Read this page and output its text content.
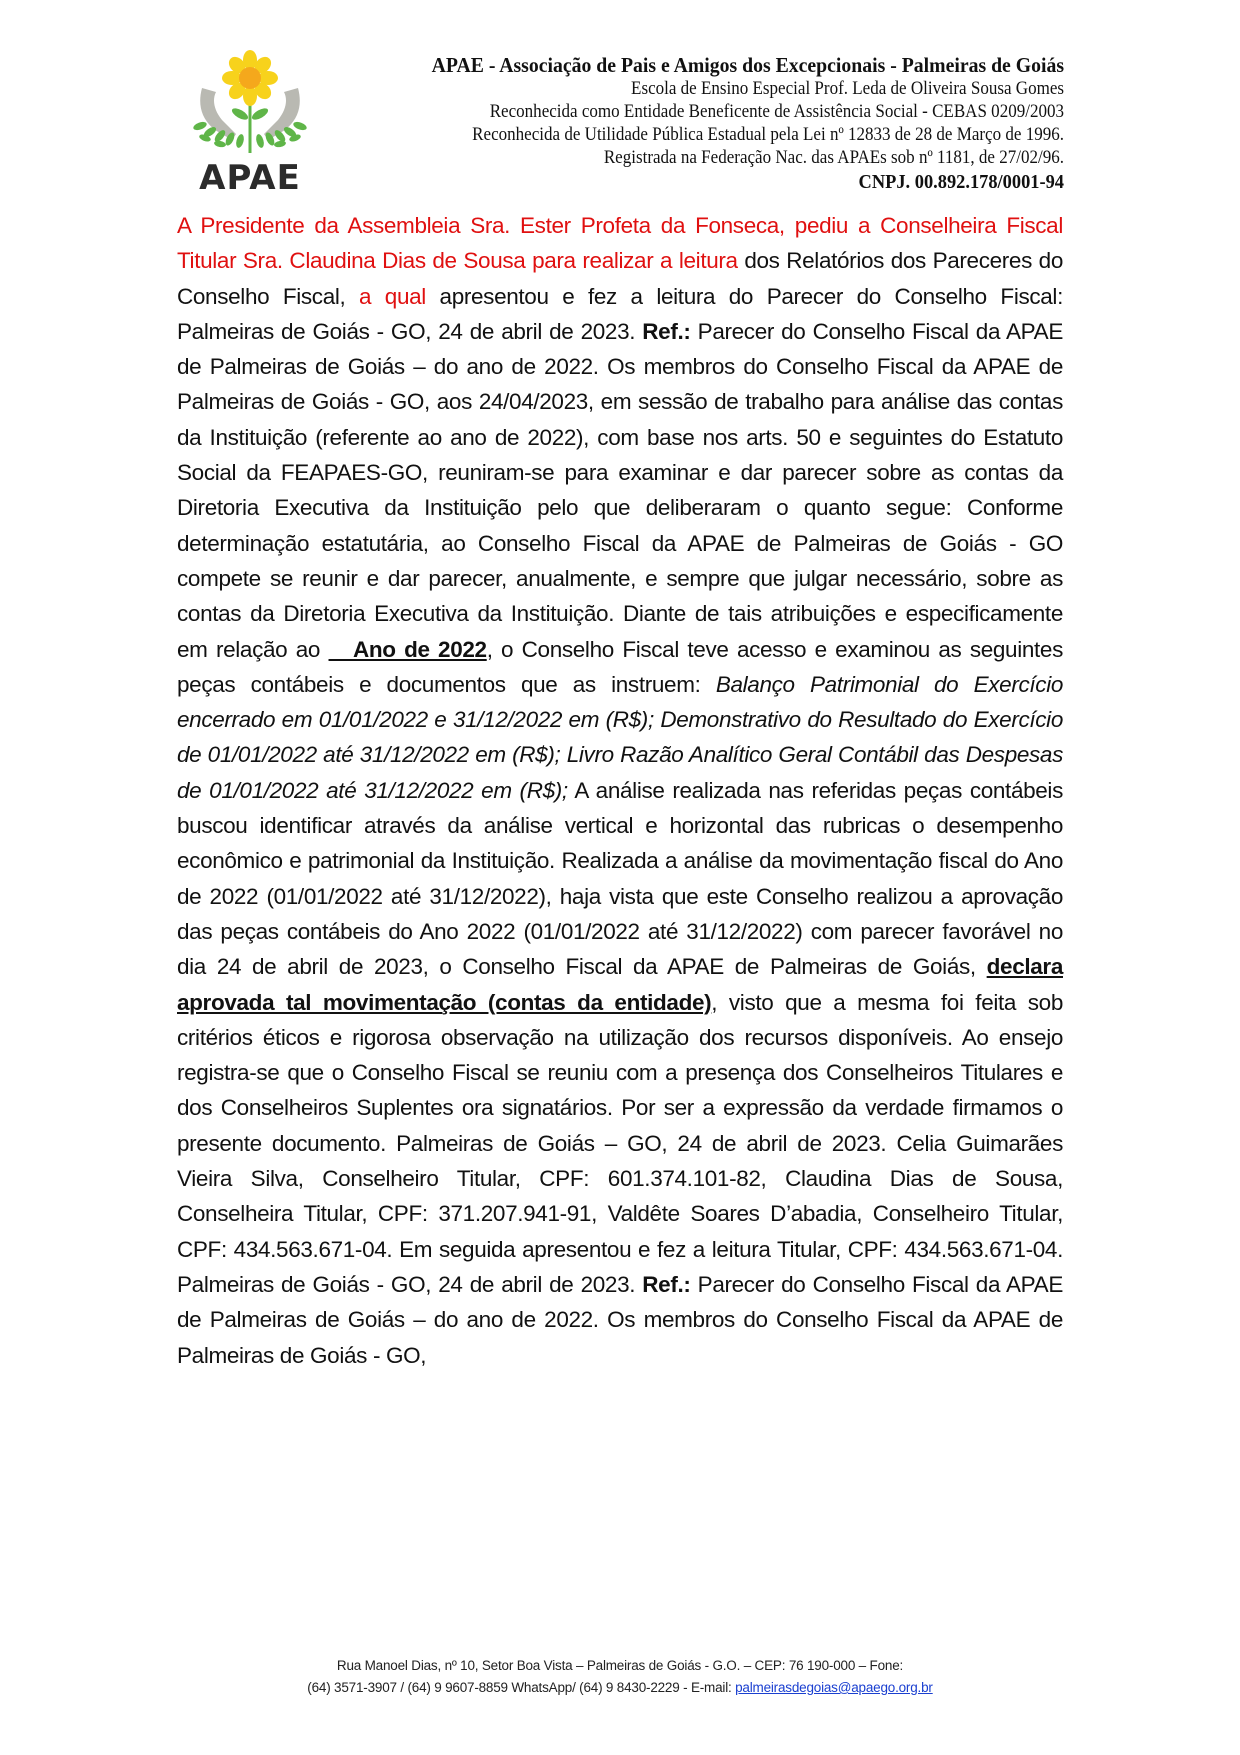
APAE
APAE - Associação de Pais e Amigos dos Excepcionais - Palmeiras de Goiás
Escola de Ensino Especial Prof. Leda de Oliveira Sousa Gomes
Reconhecida como Entidade Beneficente de Assistência Social - CEBAS 0209/2003
Reconhecida de Utilidade Pública Estadual pela Lei nº 12833 de 28 de Março de 1996.
Registrada na Federação Nac. das APAEs sob nº 1181, de 27/02/96.
CNPJ. 00.892.178/0001-94
A Presidente da Assembleia Sra. Ester Profeta da Fonseca, pediu a Conselheira Fiscal Titular Sra. Claudina Dias de Sousa para realizar a leitura dos Relatórios dos Pareceres do Conselho Fiscal, a qual apresentou e fez a leitura do Parecer do Conselho Fiscal: Palmeiras de Goiás - GO, 24 de abril de 2023. Ref.: Parecer do Conselho Fiscal da APAE de Palmeiras de Goiás – do ano de 2022. Os membros do Conselho Fiscal da APAE de Palmeiras de Goiás - GO, aos 24/04/2023, em sessão de trabalho para análise das contas da Instituição (referente ao ano de 2022), com base nos arts. 50 e seguintes do Estatuto Social da FEAPAES-GO, reuniram-se para examinar e dar parecer sobre as contas da Diretoria Executiva da Instituição pelo que deliberaram o quanto segue: Conforme determinação estatutária, ao Conselho Fiscal da APAE de Palmeiras de Goiás - GO compete se reunir e dar parecer, anualmente, e sempre que julgar necessário, sobre as contas da Diretoria Executiva da Instituição. Diante de tais atribuições e especificamente em relação ao    Ano de 2022, o Conselho Fiscal teve acesso e examinou as seguintes peças contábeis e documentos que as instruem: Balanço Patrimonial do Exercício encerrado em 01/01/2022 e 31/12/2022 em (R$); Demonstrativo do Resultado do Exercício de 01/01/2022 até 31/12/2022 em (R$); Livro Razão Analítico Geral Contábil das Despesas de 01/01/2022 até 31/12/2022 em (R$); A análise realizada nas referidas peças contábeis buscou identificar através da análise vertical e horizontal das rubricas o desempenho econômico e patrimonial da Instituição. Realizada a análise da movimentação fiscal do Ano de 2022 (01/01/2022 até 31/12/2022), haja vista que este Conselho realizou a aprovação das peças contábeis do Ano 2022 (01/01/2022 até 31/12/2022) com parecer favorável no dia 24 de abril de 2023, o Conselho Fiscal da APAE de Palmeiras de Goiás, declara aprovada tal movimentação (contas da entidade), visto que a mesma foi feita sob critérios éticos e rigorosa observação na utilização dos recursos disponíveis. Ao ensejo registra-se que o Conselho Fiscal se reuniu com a presença dos Conselheiros Titulares e dos Conselheiros Suplentes ora signatários. Por ser a expressão da verdade firmamos o presente documento. Palmeiras de Goiás – GO, 24 de abril de 2023. Celia Guimarães Vieira Silva, Conselheiro Titular, CPF: 601.374.101-82, Claudina Dias de Sousa, Conselheira Titular, CPF: 371.207.941-91, Valdête Soares D’abadia, Conselheiro Titular, CPF: 434.563.671-04. Em seguida apresentou e fez a leitura Titular, CPF: 434.563.671-04. Palmeiras de Goiás - GO, 24 de abril de 2023. Ref.: Parecer do Conselho Fiscal da APAE de Palmeiras de Goiás – do ano de 2022. Os membros do Conselho Fiscal da APAE de Palmeiras de Goiás - GO,
Rua Manoel Dias, nº 10, Setor Boa Vista – Palmeiras de Goiás - G.O. – CEP: 76 190-000 – Fone:
(64) 3571-3907 / (64) 9 9607-8859 WhatsApp/ (64) 9 8430-2229 - E-mail: palmeirasdegoias@apaego.org.br
